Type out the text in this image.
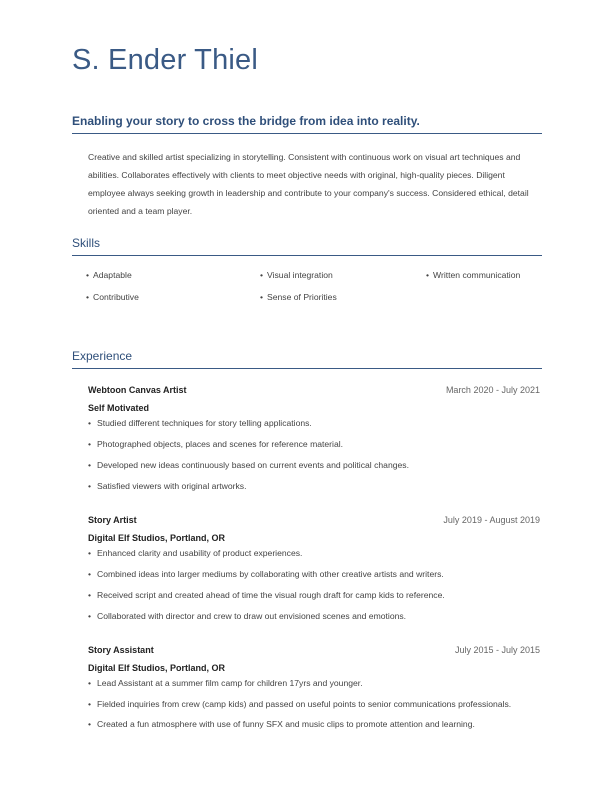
S. Ender Thiel
Enabling your story to cross the bridge from idea into reality.

Creative and skilled artist specializing in storytelling. Consistent with continuous work on visual art techniques and abilities. Collaborates effectively with clients to meet objective needs with original, high-quality pieces. Diligent employee always seeking growth in leadership and contribute to your company's success. Considered ethical, detail oriented and a team player.

Skills
• Adaptable	• Visual integration	• Written communication
• Contributive	• Sense of Priorities
Experience
Webtoon Canvas Artist	March 2020 - July 2021
Self Motivated
• Studied different techniques for story telling applications.
• Photographed objects, places and scenes for reference material.
• Developed new ideas continuously based on current events and political changes.
• Satisfied viewers with original artworks.
Story Artist	July 2019 - August 2019
Digital Elf Studios, Portland, OR
• Enhanced clarity and usability of product experiences.
• Combined ideas into larger mediums by collaborating with other creative artists and writers.
• Received script and created ahead of time the visual rough draft for camp kids to reference.
• Collaborated with director and crew to draw out envisioned scenes and emotions.
Story Assistant	July 2015 - July 2015
Digital Elf Studios, Portland, OR
• Lead Assistant at a summer film camp for children 17yrs and younger.
• Fielded inquiries from crew (camp kids) and passed on useful points to senior communications professionals.
• Created a fun atmosphere with use of funny SFX and music clips to promote attention and learning.
